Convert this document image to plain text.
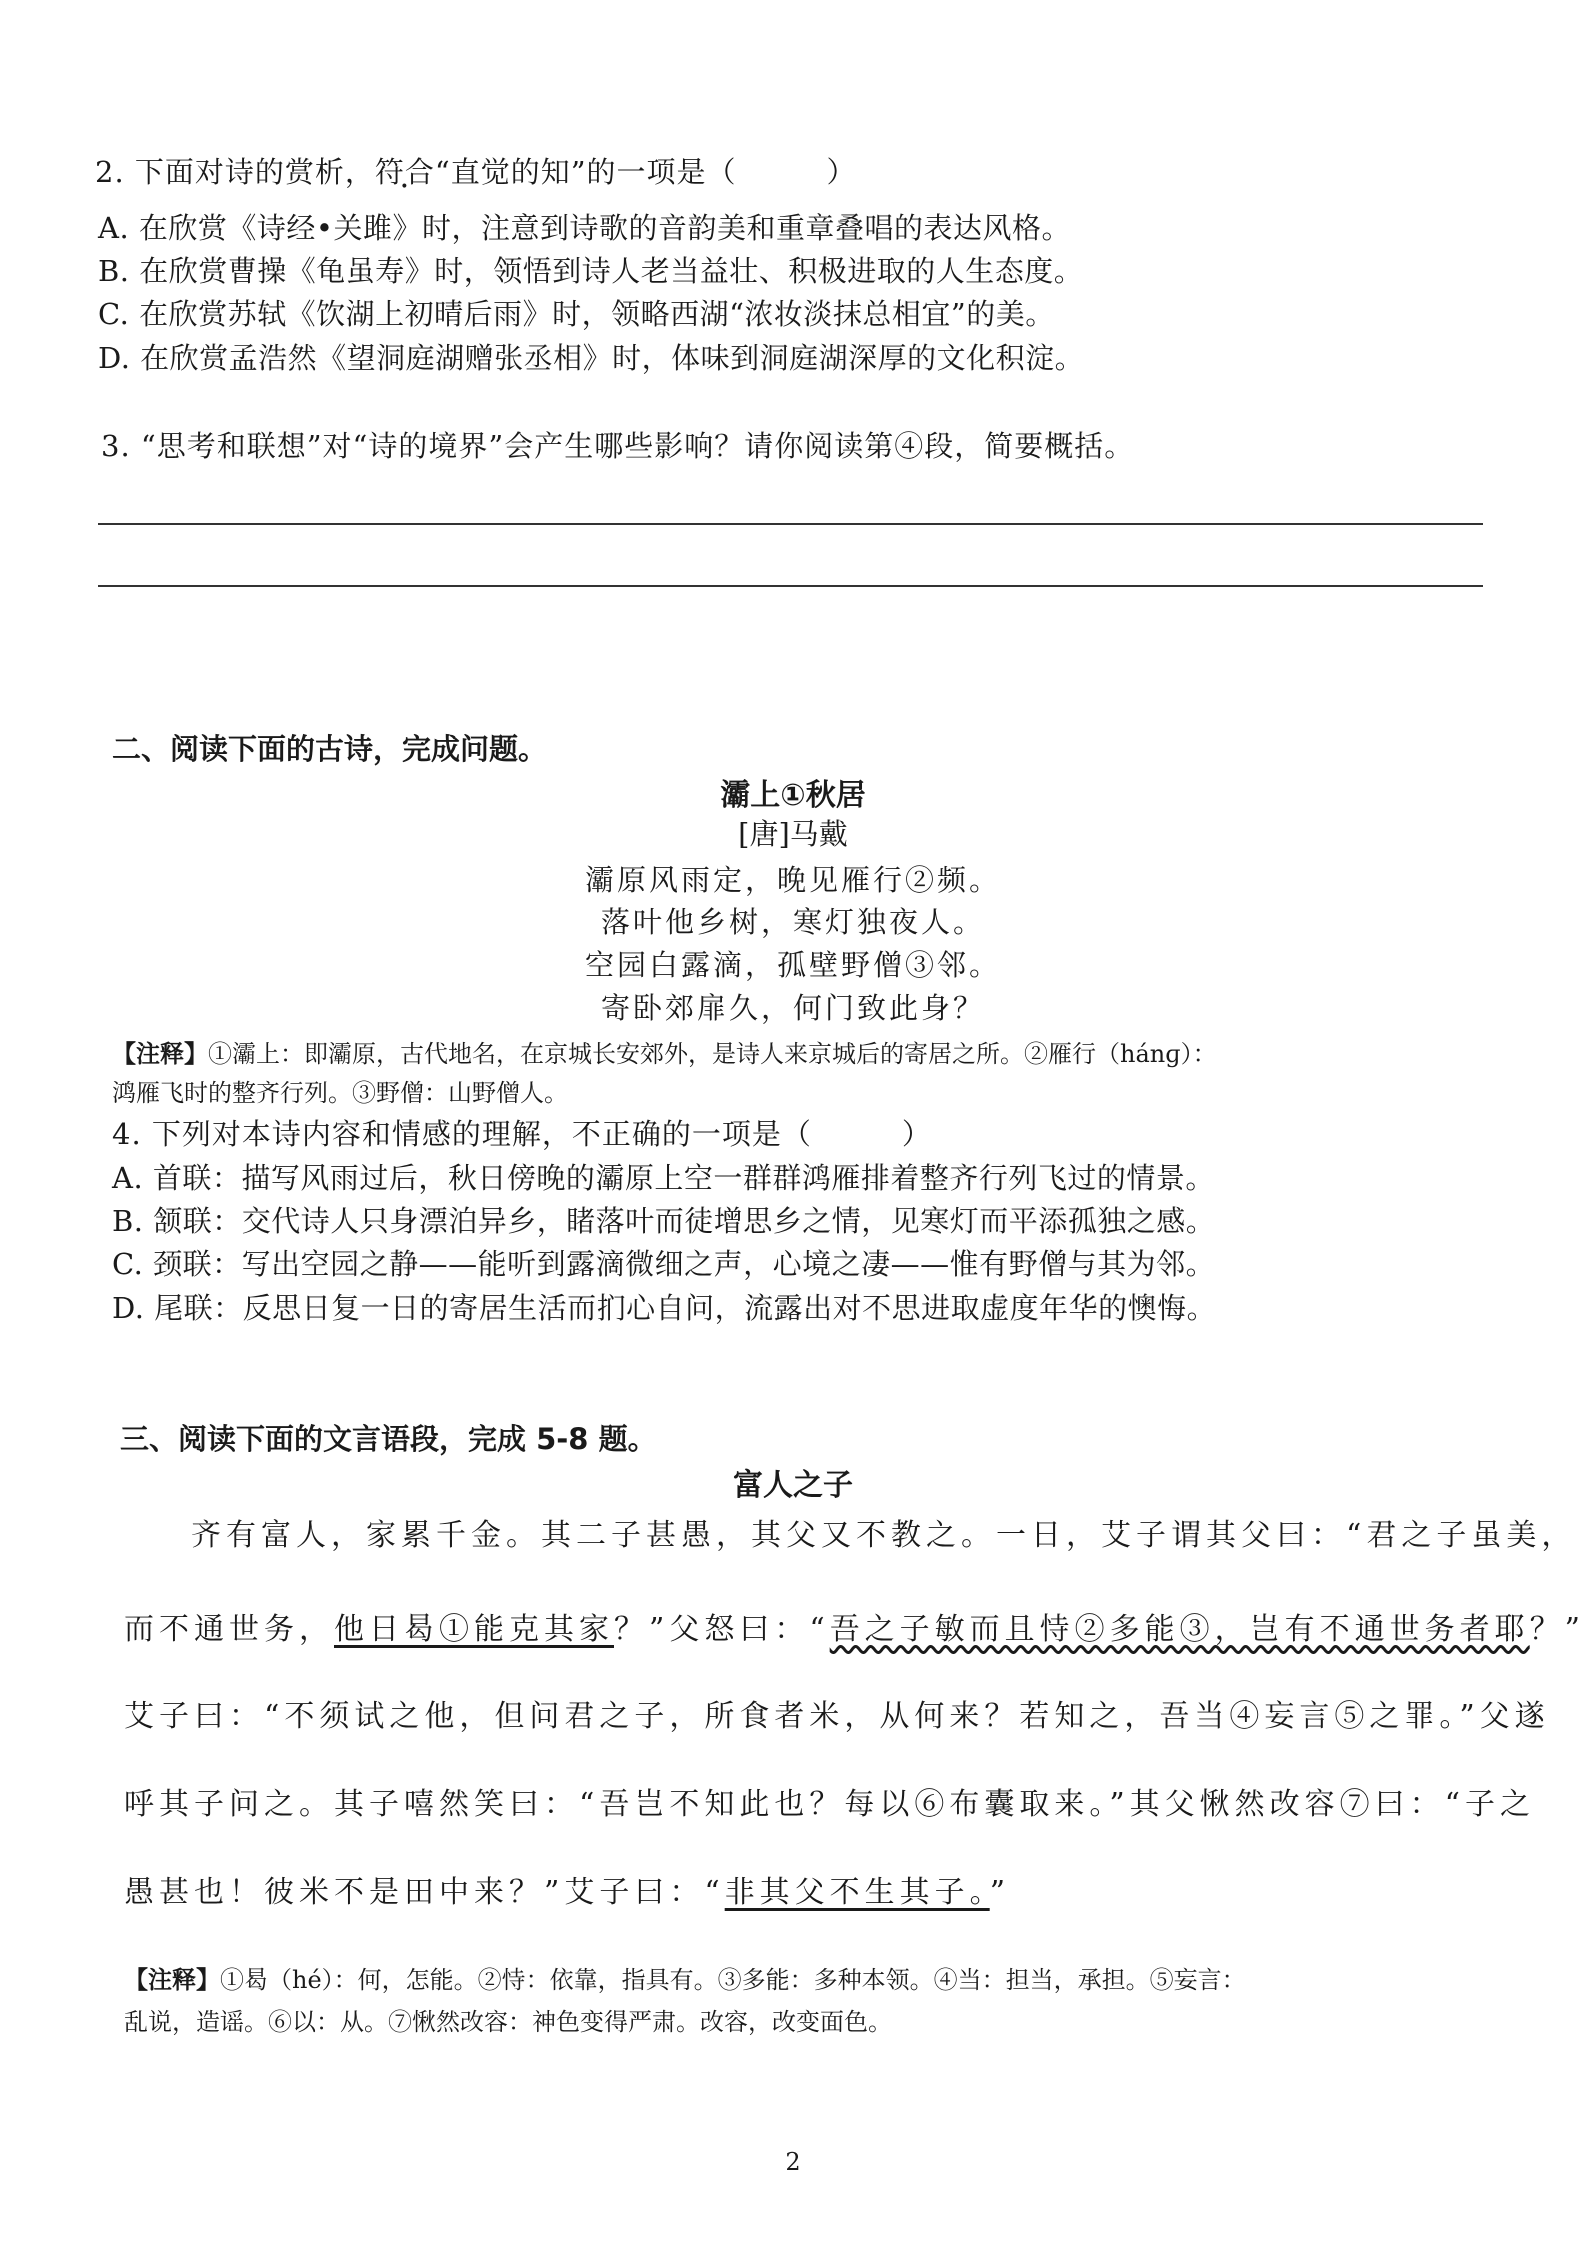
2. 下面对诗的赏析，符合“直觉的知”的一项是（　　　）
A. 在欣赏《诗经•关雎》时，注意到诗歌的音韵美和重章叠唱的表达风格。
B. 在欣赏曹操《龟虽寿》时，领悟到诗人老当益壮、积极进取的人生态度。
C. 在欣赏苏轼《饮湖上初晴后雨》时，领略西湖“浓妆淡抹总相宜”的美。
D. 在欣赏孟浩然《望洞庭湖赠张丞相》时，体味到洞庭湖深厚的文化积淀。
3. “思考和联想”对“诗的境界”会产生哪些影响？请你阅读第④段，简要概括。
二、阅读下面的古诗，完成问题。
灞上①秋居
[唐]马戴
灞原风雨定，晚见雁行②频。
落叶他乡树，寒灯独夜人。
空园白露滴，孤壁野僧③邻。
寄卧郊扉久，何门致此身？
【注释】①灞上：即灞原，古代地名，在京城长安郊外，是诗人来京城后的寄居之所。②雁行（hánɡ）：
鸿雁飞时的整齐行列。③野僧：山野僧人。
4. 下列对本诗内容和情感的理解，不正确的一项是（　　　）
A. 首联：描写风雨过后，秋日傍晚的灞原上空一群群鸿雁排着整齐行列飞过的情景。
B. 颔联：交代诗人只身漂泊异乡，睹落叶而徒增思乡之情，见寒灯而平添孤独之感。
C. 颈联：写出空园之静——能听到露滴微细之声，心境之凄——惟有野僧与其为邻。
D. 尾联：反思日复一日的寄居生活而扪心自问，流露出对不思进取虚度年华的懊悔。
三、阅读下面的文言语段，完成 5-8 题。
富人之子
齐有富人，家累千金。其二子甚愚，其父又不教之。一日，艾子谓其父曰：“君之子虽美，
而不通世务，他日曷①能克其家？”父怒曰：“吾之子敏而且恃②多能③，岂有不通世务者耶？”
艾子曰：“不须试之他，但问君之子，所食者米，从何来？若知之，吾当④妄言⑤之罪。”父遂
呼其子问之。其子嘻然笑曰：“吾岂不知此也？每以⑥布囊取来。”其父愀然改容⑦曰：“子之
愚甚也！彼米不是田中来？”艾子曰：“非其父不生其子。”
【注释】①曷（hé）：何，怎能。②恃：依靠，指具有。③多能：多种本领。④当：担当，承担。⑤妄言：
乱说，造谣。⑥以：从。⑦愀然改容：神色变得严肃。改容，改变面色。
2
